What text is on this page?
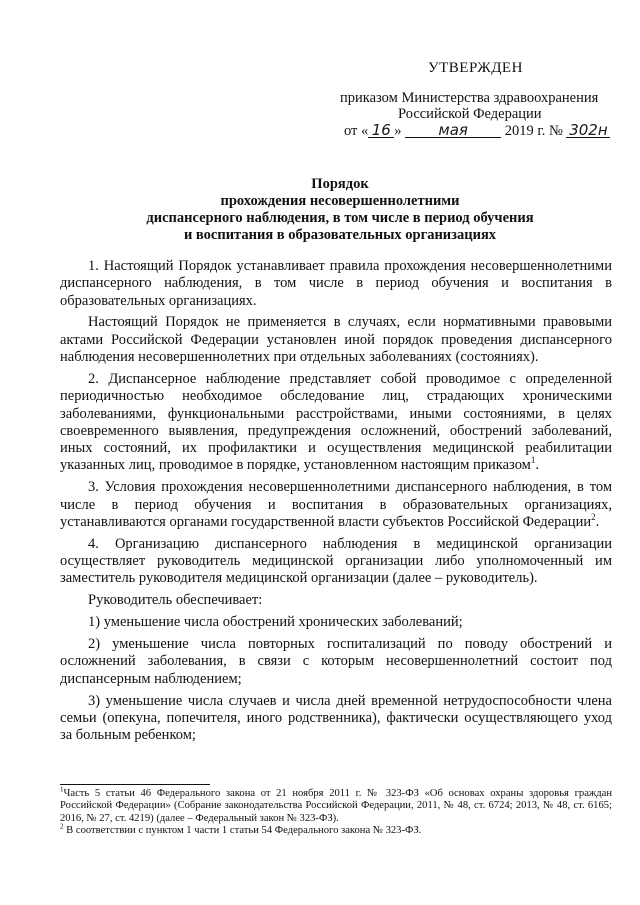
УТВЕРЖДЕН
приказом Министерства здравоохранения
Российской Федерации
от « 16 » мая	2019 г. № 302н
Порядок
прохождения несовершеннолетними
диспансерного наблюдения, в том числе в период обучения
и воспитания в образовательных организациях

1. Настоящий Порядок устанавливает правила прохождения несовершеннолетними диспансерного наблюдения, в том числе в период обучения и воспитания в образовательных организациях.

Настоящий Порядок не применяется в случаях, если нормативными правовыми актами Российской Федерации установлен иной порядок проведения диспансерного наблюдения несовершеннолетних при отдельных заболеваниях (состояниях).

2. Диспансерное наблюдение представляет собой проводимое с определенной периодичностью необходимое обследование лиц, страдающих хроническими заболеваниями, функциональными расстройствами, иными состояниями, в целях своевременного выявления, предупреждения осложнений, обострений заболеваний, иных состояний, их профилактики и осуществления медицинской реабилитации указанных лиц, проводимое в порядке, установленном настоящим приказом$^1$.

3. Условия прохождения несовершеннолетними диспансерного наблюдения, в том числе в период обучения и воспитания в образовательных организациях, устанавливаются органами государственной власти субъектов Российской Федерации$^2$.

4. Организацию диспансерного наблюдения в медицинской организации осуществляет руководитель медицинской организации либо уполномоченный им заместитель руководителя медицинской организации (далее – руководитель).

Руководитель обеспечивает:

1) уменьшение числа обострений хронических заболеваний;

2) уменьшение числа повторных госпитализаций по поводу обострений и осложнений заболевания, в связи с которым несовершеннолетний состоит под диспансерным наблюдением;

3) уменьшение числа случаев и числа дней временной нетрудоспособности члена семьи (опекуна, попечителя, иного родственника), фактически осуществляющего уход за больным ребенком;

$^1$Часть 5 статьи 46 Федерального закона от 21 ноября 2011 г. № 323-ФЗ «Об основах охраны здоровья граждан Российской Федерации» (Собрание законодательства Российской Федерации, 2011, № 48, ст. 6724; 2013, № 48, ст. 6165; 2016, № 27, ст. 4219) (далее – Федеральный закон № 323-ФЗ).

$^2$ В соответствии с пунктом 1 части 1 статьи 54 Федерального закона № 323-ФЗ.
